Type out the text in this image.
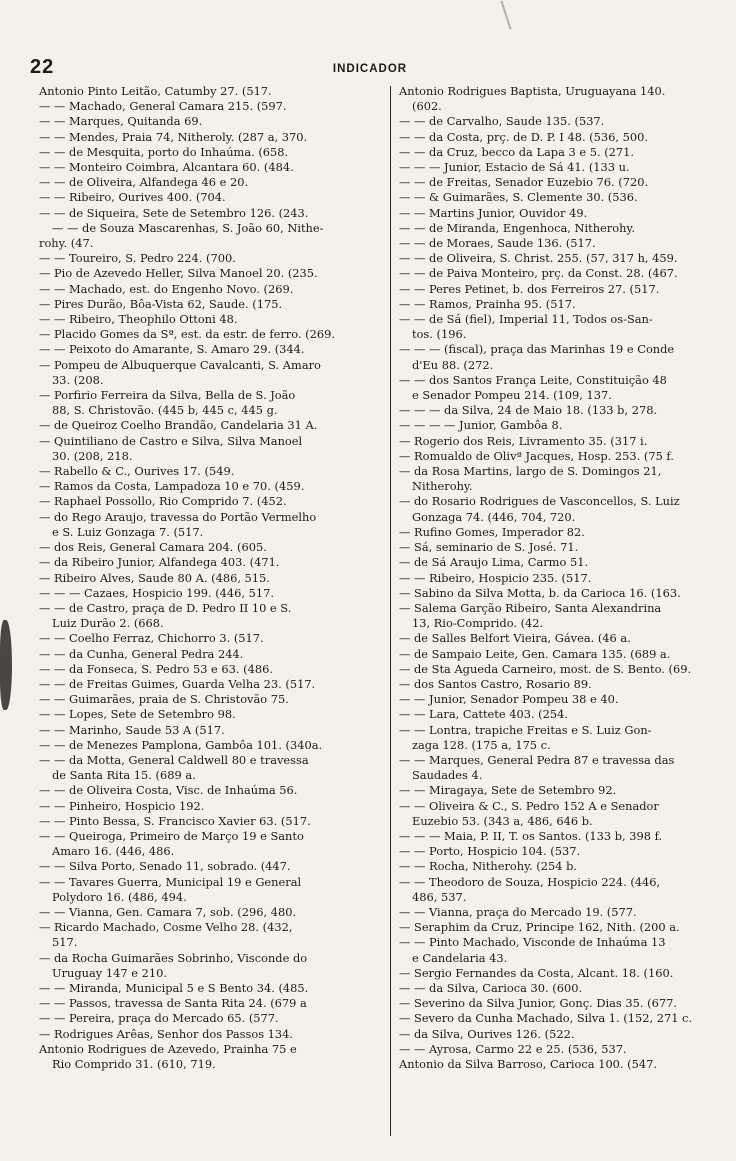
22	INDICADOR
Antonio Pinto Leitão, Catumby 27. (517.
— — Machado, General Camara 215. (597.
— — Marques, Quitanda 69.
— — Mendes, Praia 74, Nitheroly. (287 a, 370.
— — de Mesquita, porto do Inhaúma. (658.
— — Monteiro Coimbra, Alcantara 60. (484.
— — de Oliveira, Alfandega 46 e 20.
— — Ribeiro, Ourives 400. (704.
— — de Siqueira, Sete de Setembro 126. (243.
— — de Souza Mascarenhas, S. João 60, Nithe-
rohy. (47.
— — Toureiro, S. Pedro 224. (700.
— Pio de Azevedo Heller, Silva Manoel 20. (235.
— — Machado, est. do Engenho Novo. (269.
— Pires Durão, Bôa-Vista 62, Saude. (175.
— — Ribeiro, Theophilo Ottoni 48.
— Placido Gomes da Sª, est. da estr. de ferro. (269.
— — Peixoto do Amarante, S. Amaro 29. (344.
— Pompeu de Albuquerque Cavalcanti, S. Amaro
33. (208.
— Porfirio Ferreira da Silva, Bella de S. João
88, S. Christovão. (445 b, 445 c, 445 g.
— de Queiroz Coelho Brandão, Candelaria 31 A.
— Quintiliano de Castro e Silva, Silva Manoel
30. (208, 218.
— Rabello & C., Ourives 17. (549.
— Ramos da Costa, Lampadoza 10 e 70. (459.
— Raphael Possollo, Rio Comprido 7. (452.
— do Rego Araujo, travessa do Portão Vermelho
e S. Luiz Gonzaga 7. (517.
— dos Reis, General Camara 204. (605.
— da Ribeiro Junior, Alfandega 403. (471.
— Ribeiro Alves, Saude 80 A. (486, 515.
— — — Cazaes, Hospicio 199. (446, 517.
— — de Castro, praça de D. Pedro II 10 e S.
Luiz Durão 2. (668.
— — Coelho Ferraz, Chichorro 3. (517.
— — da Cunha, General Pedra 244.
— — da Fonseca, S. Pedro 53 e 63. (486.
— — de Freitas Guimes, Guarda Velha 23. (517.
— — Guimarães, praia de S. Christovão 75.
— — Lopes, Sete de Setembro 98.
— — Marinho, Saude 53 A (517.
— — de Menezes Pamplona, Gambôa 101. (340a.
— — da Motta, General Caldwell 80 e travessa
de Santa Rita 15. (689 a.
— — de Oliveira Costa, Visc. de Inhaúma 56.
— — Pinheiro, Hospicio 192.
— — Pinto Bessa, S. Francisco Xavier 63. (517.
— — Queiroga, Primeiro de Março 19 e Santo
Amaro 16. (446, 486.
— — Silva Porto, Senado 11, sobrado. (447.
— — Tavares Guerra, Municipal 19 e General
Polydoro 16. (486, 494.
— — Vianna, Gen. Camara 7, sob. (296, 480.
— Ricardo Machado, Cosme Velho 28. (432,
517.
— da Rocha Guimarães Sobrinho, Visconde do
Uruguay 147 e 210.
— — Miranda, Municipal 5 e S Bento 34. (485.
— — Passos, travessa de Santa Rita 24. (679 a
— — Pereira, praça do Mercado 65. (577.
— Rodrigues Arêas, Senhor dos Passos 134.
Antonio Rodrigues de Azevedo, Prainha 75 e
Rio Comprido 31. (610, 719.
Antonio Rodrigues Baptista, Uruguayana 140.
(602.
— — de Carvalho, Saude 135. (537.
— — da Costa, prç. de D. P. I 48. (536, 500.
— — da Cruz, becco da Lapa 3 e 5. (271.
— — — Junior, Estacio de Sá 41. (133 u.
— — de Freitas, Senador Euzebio 76. (720.
— — & Guimarães, S. Clemente 30. (536.
— — Martins Junior, Ouvidor 49.
— — de Miranda, Engenhoca, Nitherohy.
— — de Moraes, Saude 136. (517.
— — de Oliveira, S. Christ. 255. (57, 317 h, 459.
— — de Paiva Monteiro, prç. da Const. 28. (467.
— — Peres Petinet, b. dos Ferreiros 27. (517.
— — Ramos, Prainha 95. (517.
— — de Sá (fiel), Imperial 11, Todos os-San-
tos. (196.
— — — (fiscal), praça das Marinhas 19 e Conde
d'Eu 88. (272.
— — dos Santos França Leite, Constituição 48
e Senador Pompeu 214. (109, 137.
— — — da Silva, 24 de Maio 18. (133 b, 278.
— — — — Junior, Gambôa 8.
— Rogerio dos Reis, Livramento 35. (317 i.
— Romualdo de Olivª Jacques, Hosp. 253. (75 f.
— da Rosa Martins, largo de S. Domingos 21,
Nitherohy.
— do Rosario Rodrigues de Vasconcellos, S. Luiz
Gonzaga 74. (446, 704, 720.
— Rufino Gomes, Imperador 82.
— Sá, seminario de S. José. 71.
— de Sá Araujo Lima, Carmo 51.
— — Ribeiro, Hospicio 235. (517.
— Sabino da Silva Motta, b. da Carioca 16. (163.
— Salema Garção Ribeiro, Santa Alexandrina
13, Rio-Comprido. (42.
— de Salles Belfort Vieira, Gávea. (46 a.
— de Sampaio Leite, Gen. Camara 135. (689 a.
— de Sta Agueda Carneiro, most. de S. Bento. (69.
— dos Santos Castro, Rosario 89.
— — Junior, Senador Pompeu 38 e 40.
— — Lara, Cattete 403. (254.
— — Lontra, trapiche Freitas e S. Luiz Gon-
zaga 128. (175 a, 175 c.
— — Marques, General Pedra 87 e travessa das
Saudades 4.
— — Miragaya, Sete de Setembro 92.
— — Oliveira & C., S. Pedro 152 A e Senador
Euzebio 53. (343 a, 486, 646 b.
— — — Maia, P. II, T. os Santos. (133 b, 398 f.
— — Porto, Hospicio 104. (537.
— — Rocha, Nitherohy. (254 b.
— — Theodoro de Souza, Hospicio 224. (446,
486, 537.
— — Vianna, praça do Mercado 19. (577.
— Seraphim da Cruz, Principe 162, Nith. (200 a.
— — Pinto Machado, Visconde de Inhaúma 13
e Candelaria 43.
— Sergio Fernandes da Costa, Alcant. 18. (160.
— — da Silva, Carioca 30. (600.
— Severino da Silva Junior, Gonç. Dias 35. (677.
— Severo da Cunha Machado, Silva 1. (152, 271 c.
— da Silva, Ourives 126. (522.
— — Ayrosa, Carmo 22 e 25. (536, 537.
Antonio da Silva Barroso, Carioca 100. (547.
